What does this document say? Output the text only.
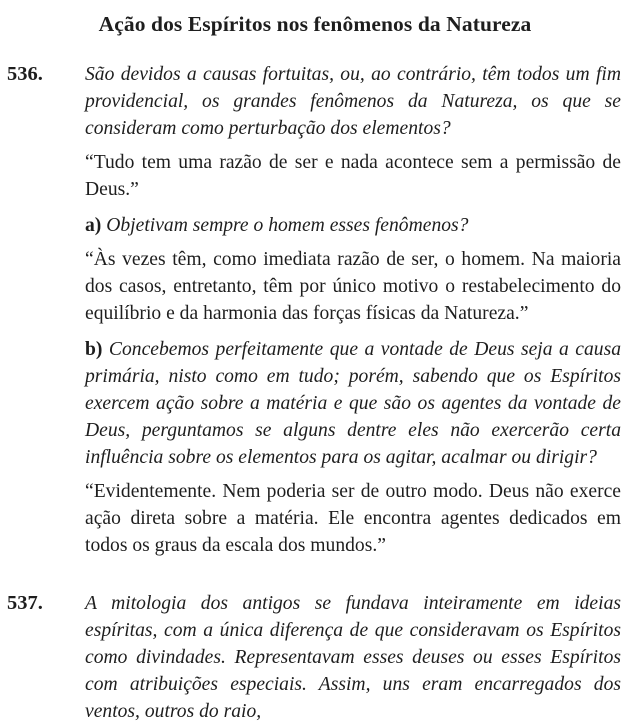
Ação dos Espíritos nos fenômenos da Natureza
536. São devidos a causas fortuitas, ou, ao contrário, têm todos um fim providencial, os grandes fenômenos da Natureza, os que se consideram como perturbação dos elementos?

“Tudo tem uma razão de ser e nada acontece sem a permissão de Deus.”

a) Objetivam sempre o homem esses fenômenos?

“Às vezes têm, como imediata razão de ser, o homem. Na maioria dos casos, entretanto, têm por único motivo o restabelecimento do equilíbrio e da harmonia das forças físicas da Natureza.”

b) Concebemos perfeitamente que a vontade de Deus seja a causa primária, nisto como em tudo; porém, sabendo que os Espíritos exercem ação sobre a matéria e que são os agentes da vontade de Deus, perguntamos se alguns dentre eles não exercerão certa influência sobre os elementos para os agitar, acalmar ou dirigir?

“Evidentemente. Nem poderia ser de outro modo. Deus não exerce ação direta sobre a matéria. Ele encontra agentes dedicados em todos os graus da escala dos mundos.”

537. A mitologia dos antigos se fundava inteiramente em ideias espíritas, com a única diferença de que consideravam os Espíritos como divindades. Representavam esses deuses ou esses Espíritos com atribuições especiais. Assim, uns eram encarregados dos ventos, outros do raio,
